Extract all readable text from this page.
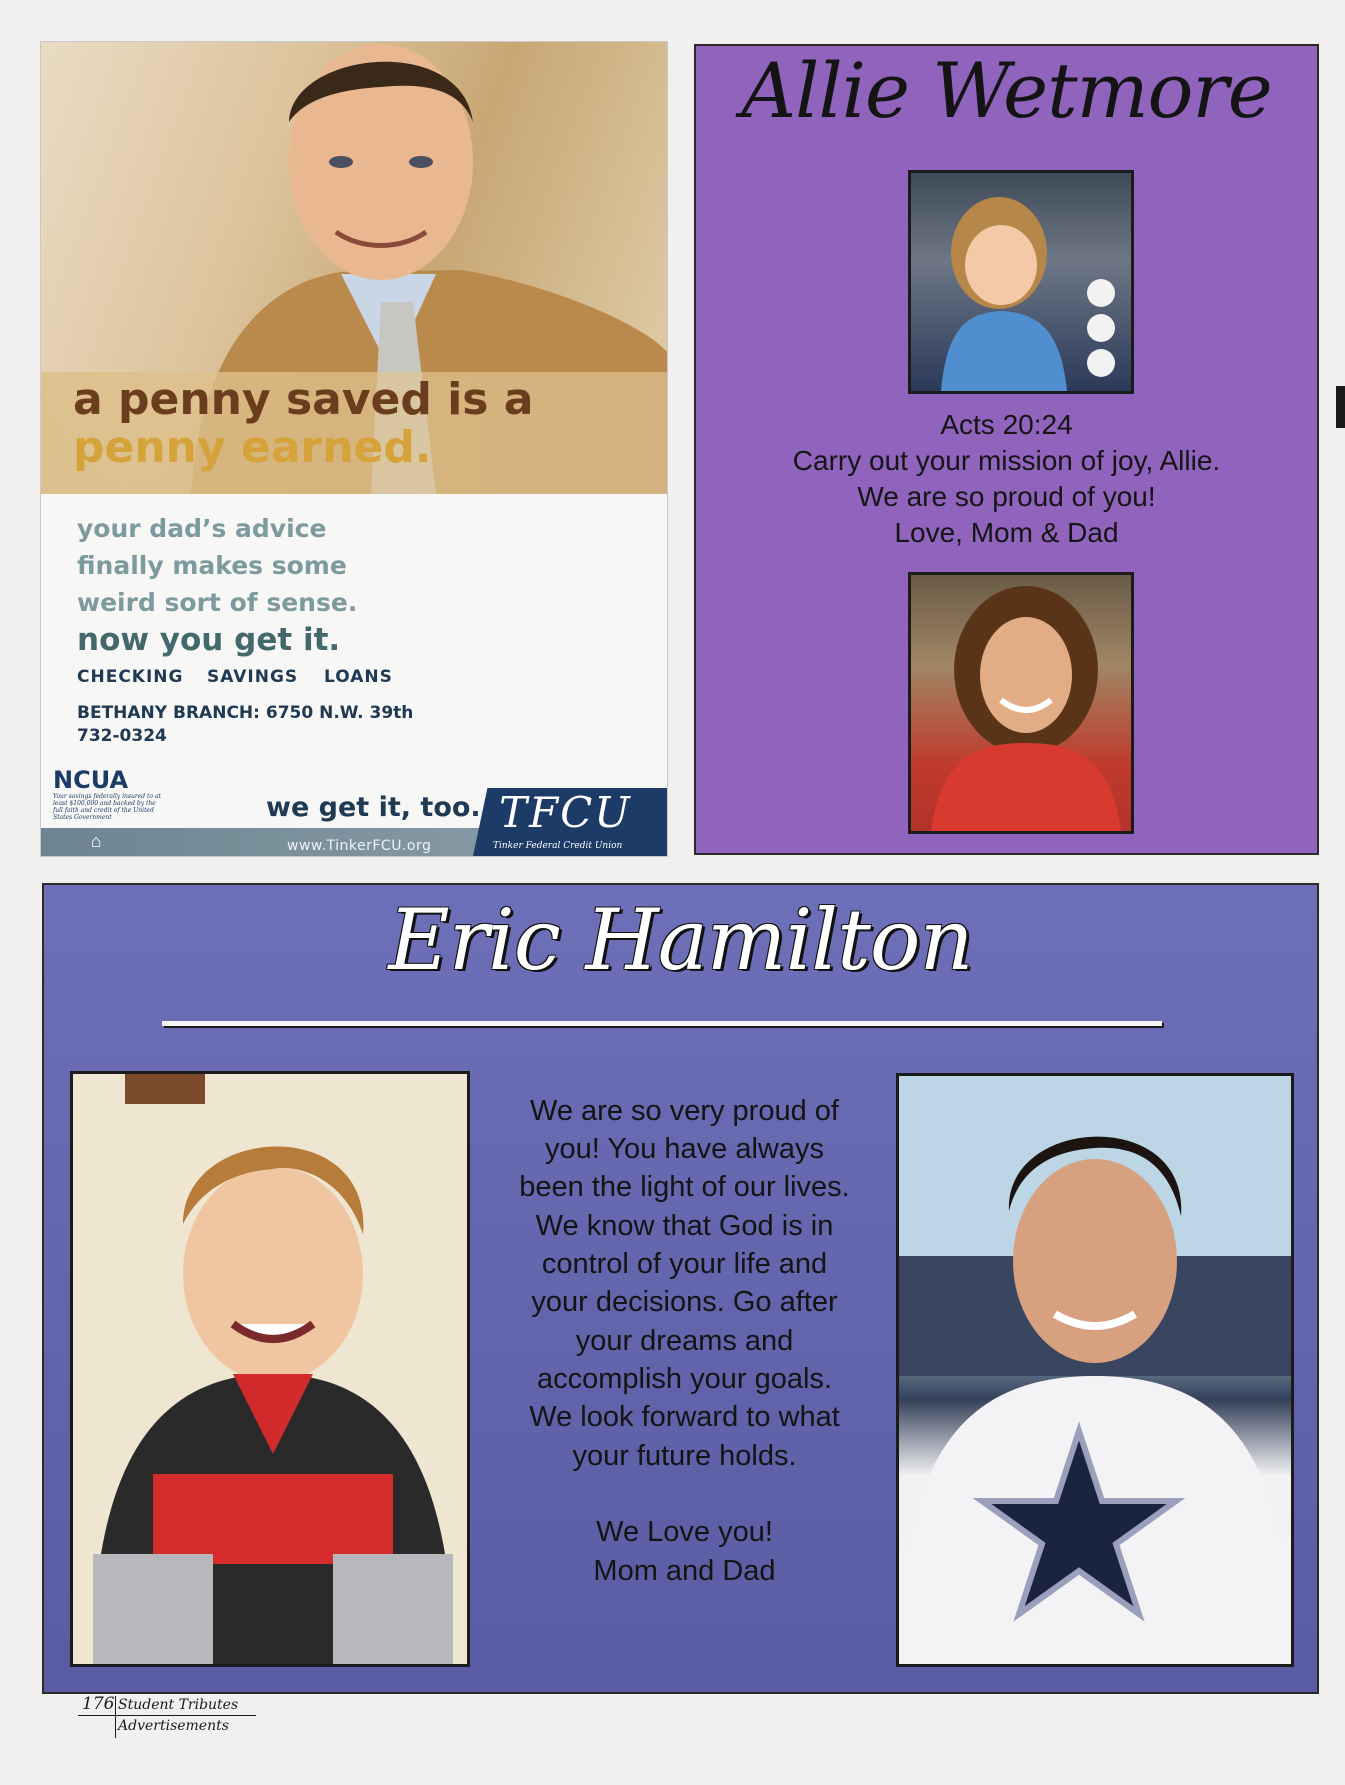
a penny saved is a
penny earned.
your dad’s advice
finally makes some
weird sort of sense.
now you get it.
CHECKING SAVINGS LOANS
BETHANY BRANCH: 6750 N.W. 39th
732-0324
NCUA
Your savings federally insured to at least $100,000 and backed by the full faith and credit of the United States Government
⌂	www.TinkerFCU.org
we get it, too. TFCU
Tinker Federal Credit Union
Allie Wetmore
Acts 20:24
Carry out your mission of joy, Allie.
We are so proud of you!
Love, Mom & Dad
Eric Hamilton
We are so very proud of
you! You have always
been the light of our lives.
We know that God is in
control of your life and
your decisions. Go after
your dreams and
accomplish your goals.
We look forward to what
your future holds.
We Love you!
Mom and Dad
176 Student Tributes
Advertisements
